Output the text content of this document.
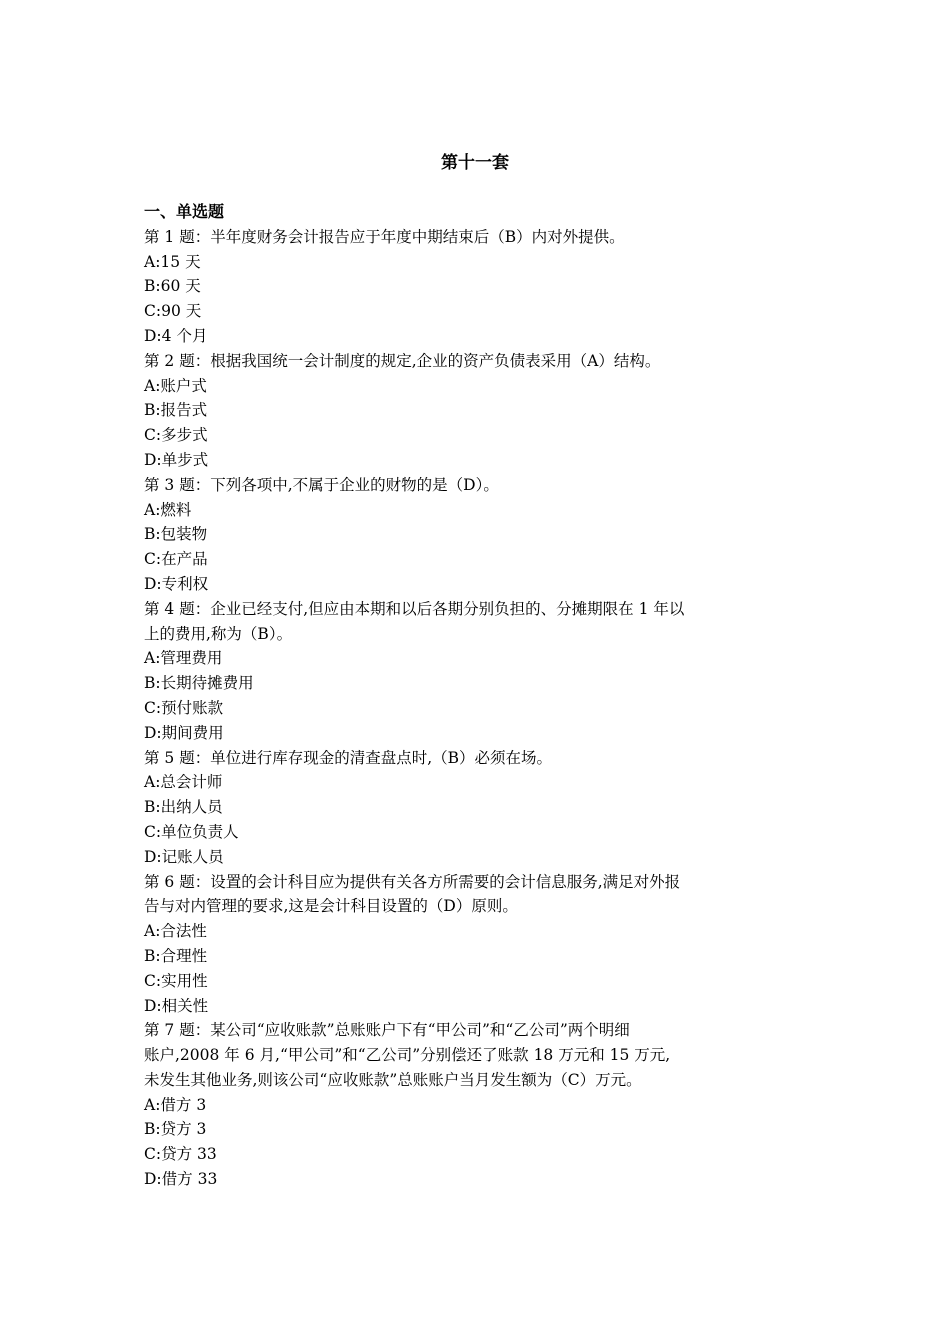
第十一套
一、单选题
第 1 题：半年度财务会计报告应于年度中期结束后（B）内对外提供。
A:15 天
B:60 天
C:90 天
D:4 个月
第 2 题：根据我国统一会计制度的规定,企业的资产负债表采用（A）结构。
A:账户式
B:报告式
C:多步式
D:单步式
第 3 题：下列各项中,不属于企业的财物的是（D）。
A:燃料
B:包装物
C:在产品
D:专利权
第 4 题：企业已经支付,但应由本期和以后各期分别负担的、分摊期限在 1 年以
上的费用,称为（B）。
A:管理费用
B:长期待摊费用
C:预付账款
D:期间费用
第 5 题：单位进行库存现金的清查盘点时,（B）必须在场。
A:总会计师
B:出纳人员
C:单位负责人
D:记账人员
第 6 题：设置的会计科目应为提供有关各方所需要的会计信息服务,满足对外报
告与对内管理的要求,这是会计科目设置的（D）原则。
A:合法性
B:合理性
C:实用性
D:相关性
第 7 题：某公司“应收账款”总账账户下有“甲公司”和“乙公司”两个明细
账户,2008 年 6 月,“甲公司”和“乙公司”分别偿还了账款 18 万元和 15 万元,
未发生其他业务,则该公司“应收账款”总账账户当月发生额为（C）万元。
A:借方 3
B:贷方 3
C:贷方 33
D:借方 33
